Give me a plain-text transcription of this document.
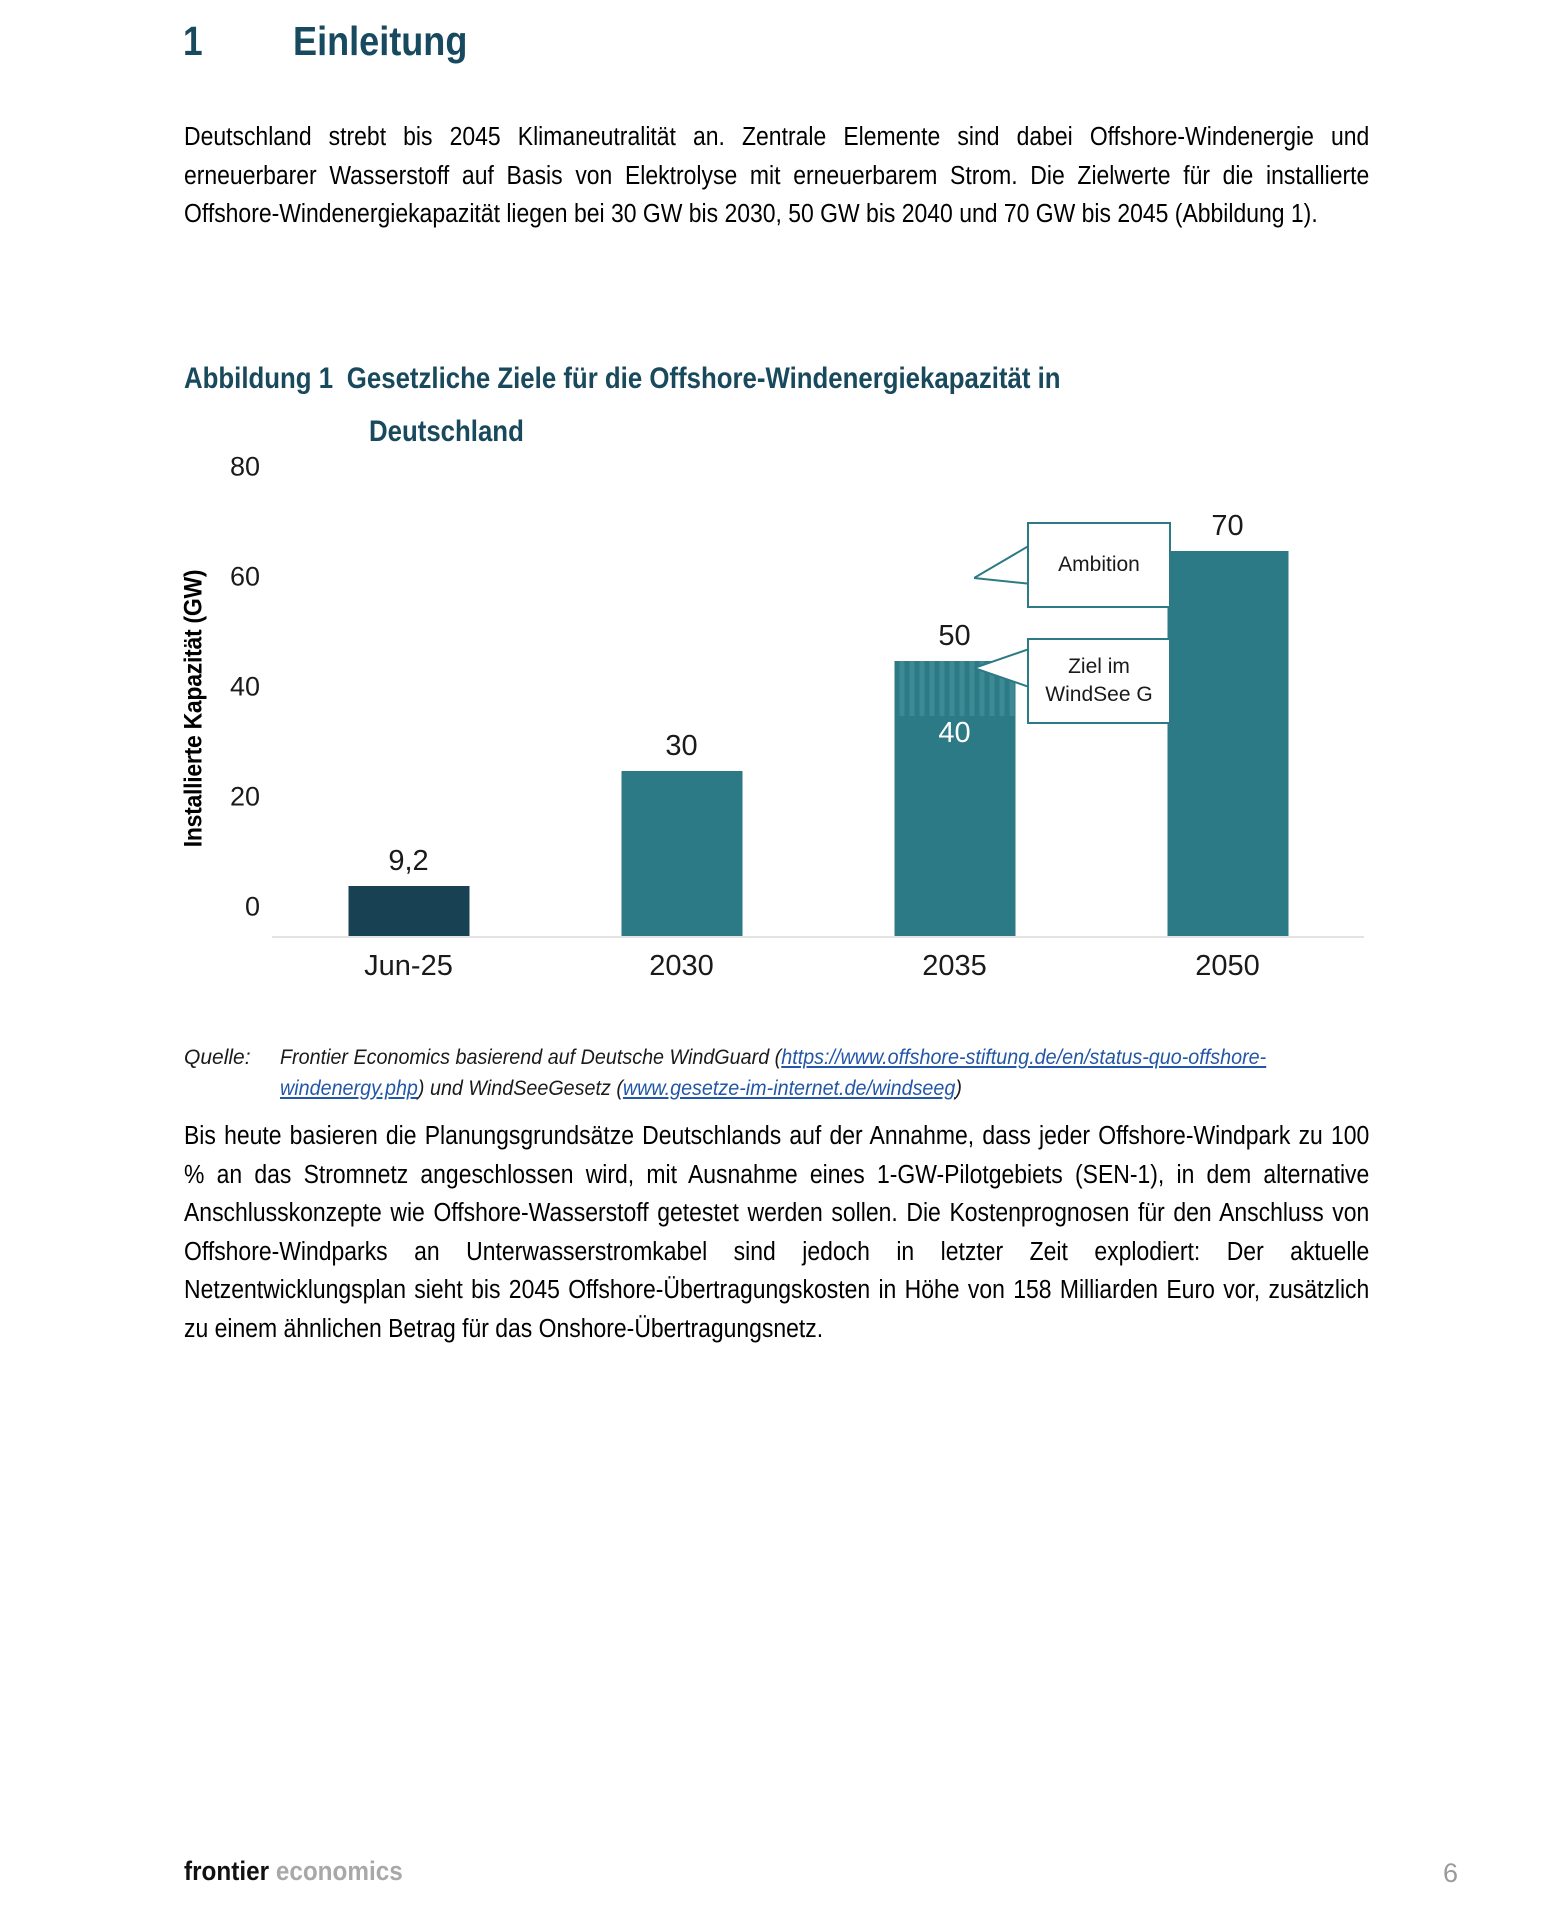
1 Einleitung
Deutschland strebt bis 2045 Klimaneutralität an. Zentrale Elemente sind dabei Offshore-Windenergie und erneuerbarer Wasserstoff auf Basis von Elektrolyse mit erneuerbarem Strom. Die Zielwerte für die installierte Offshore-Windenergiekapazität liegen bei 30 GW bis 2030, 50 GW bis 2040 und 70 GW bis 2045 (Abbildung 1).
Abbildung 1 Gesetzliche Ziele für die Offshore-Windenergiekapazität in
Deutschland
Installierte Kapazität (GW)
0
20
40
60
80
9,2
Jun-25
30
2030
50
40
2035
70
2050
Ambition
Ziel im
WindSee G
Quelle:	Frontier Economics basierend auf Deutsche WindGuard (https://www.offshore-stiftung.de/en/status-quo-offshore-windenergy.php) und WindSeeGesetz (www.gesetze-im-internet.de/windseeg)
Bis heute basieren die Planungsgrundsätze Deutschlands auf der Annahme, dass jeder Offshore-Windpark zu 100 % an das Stromnetz angeschlossen wird, mit Ausnahme eines 1-GW-Pilotgebiets (SEN-1), in dem alternative Anschlusskonzepte wie Offshore-Wasserstoff getestet werden sollen. Die Kostenprognosen für den Anschluss von Offshore-Windparks an Unterwasserstromkabel sind jedoch in letzter Zeit explodiert: Der aktuelle Netzentwicklungsplan sieht bis 2045 Offshore-Übertragungskosten in Höhe von 158 Milliarden Euro vor, zusätzlich zu einem ähnlichen Betrag für das Onshore-Übertragungsnetz.
frontier economics	6
